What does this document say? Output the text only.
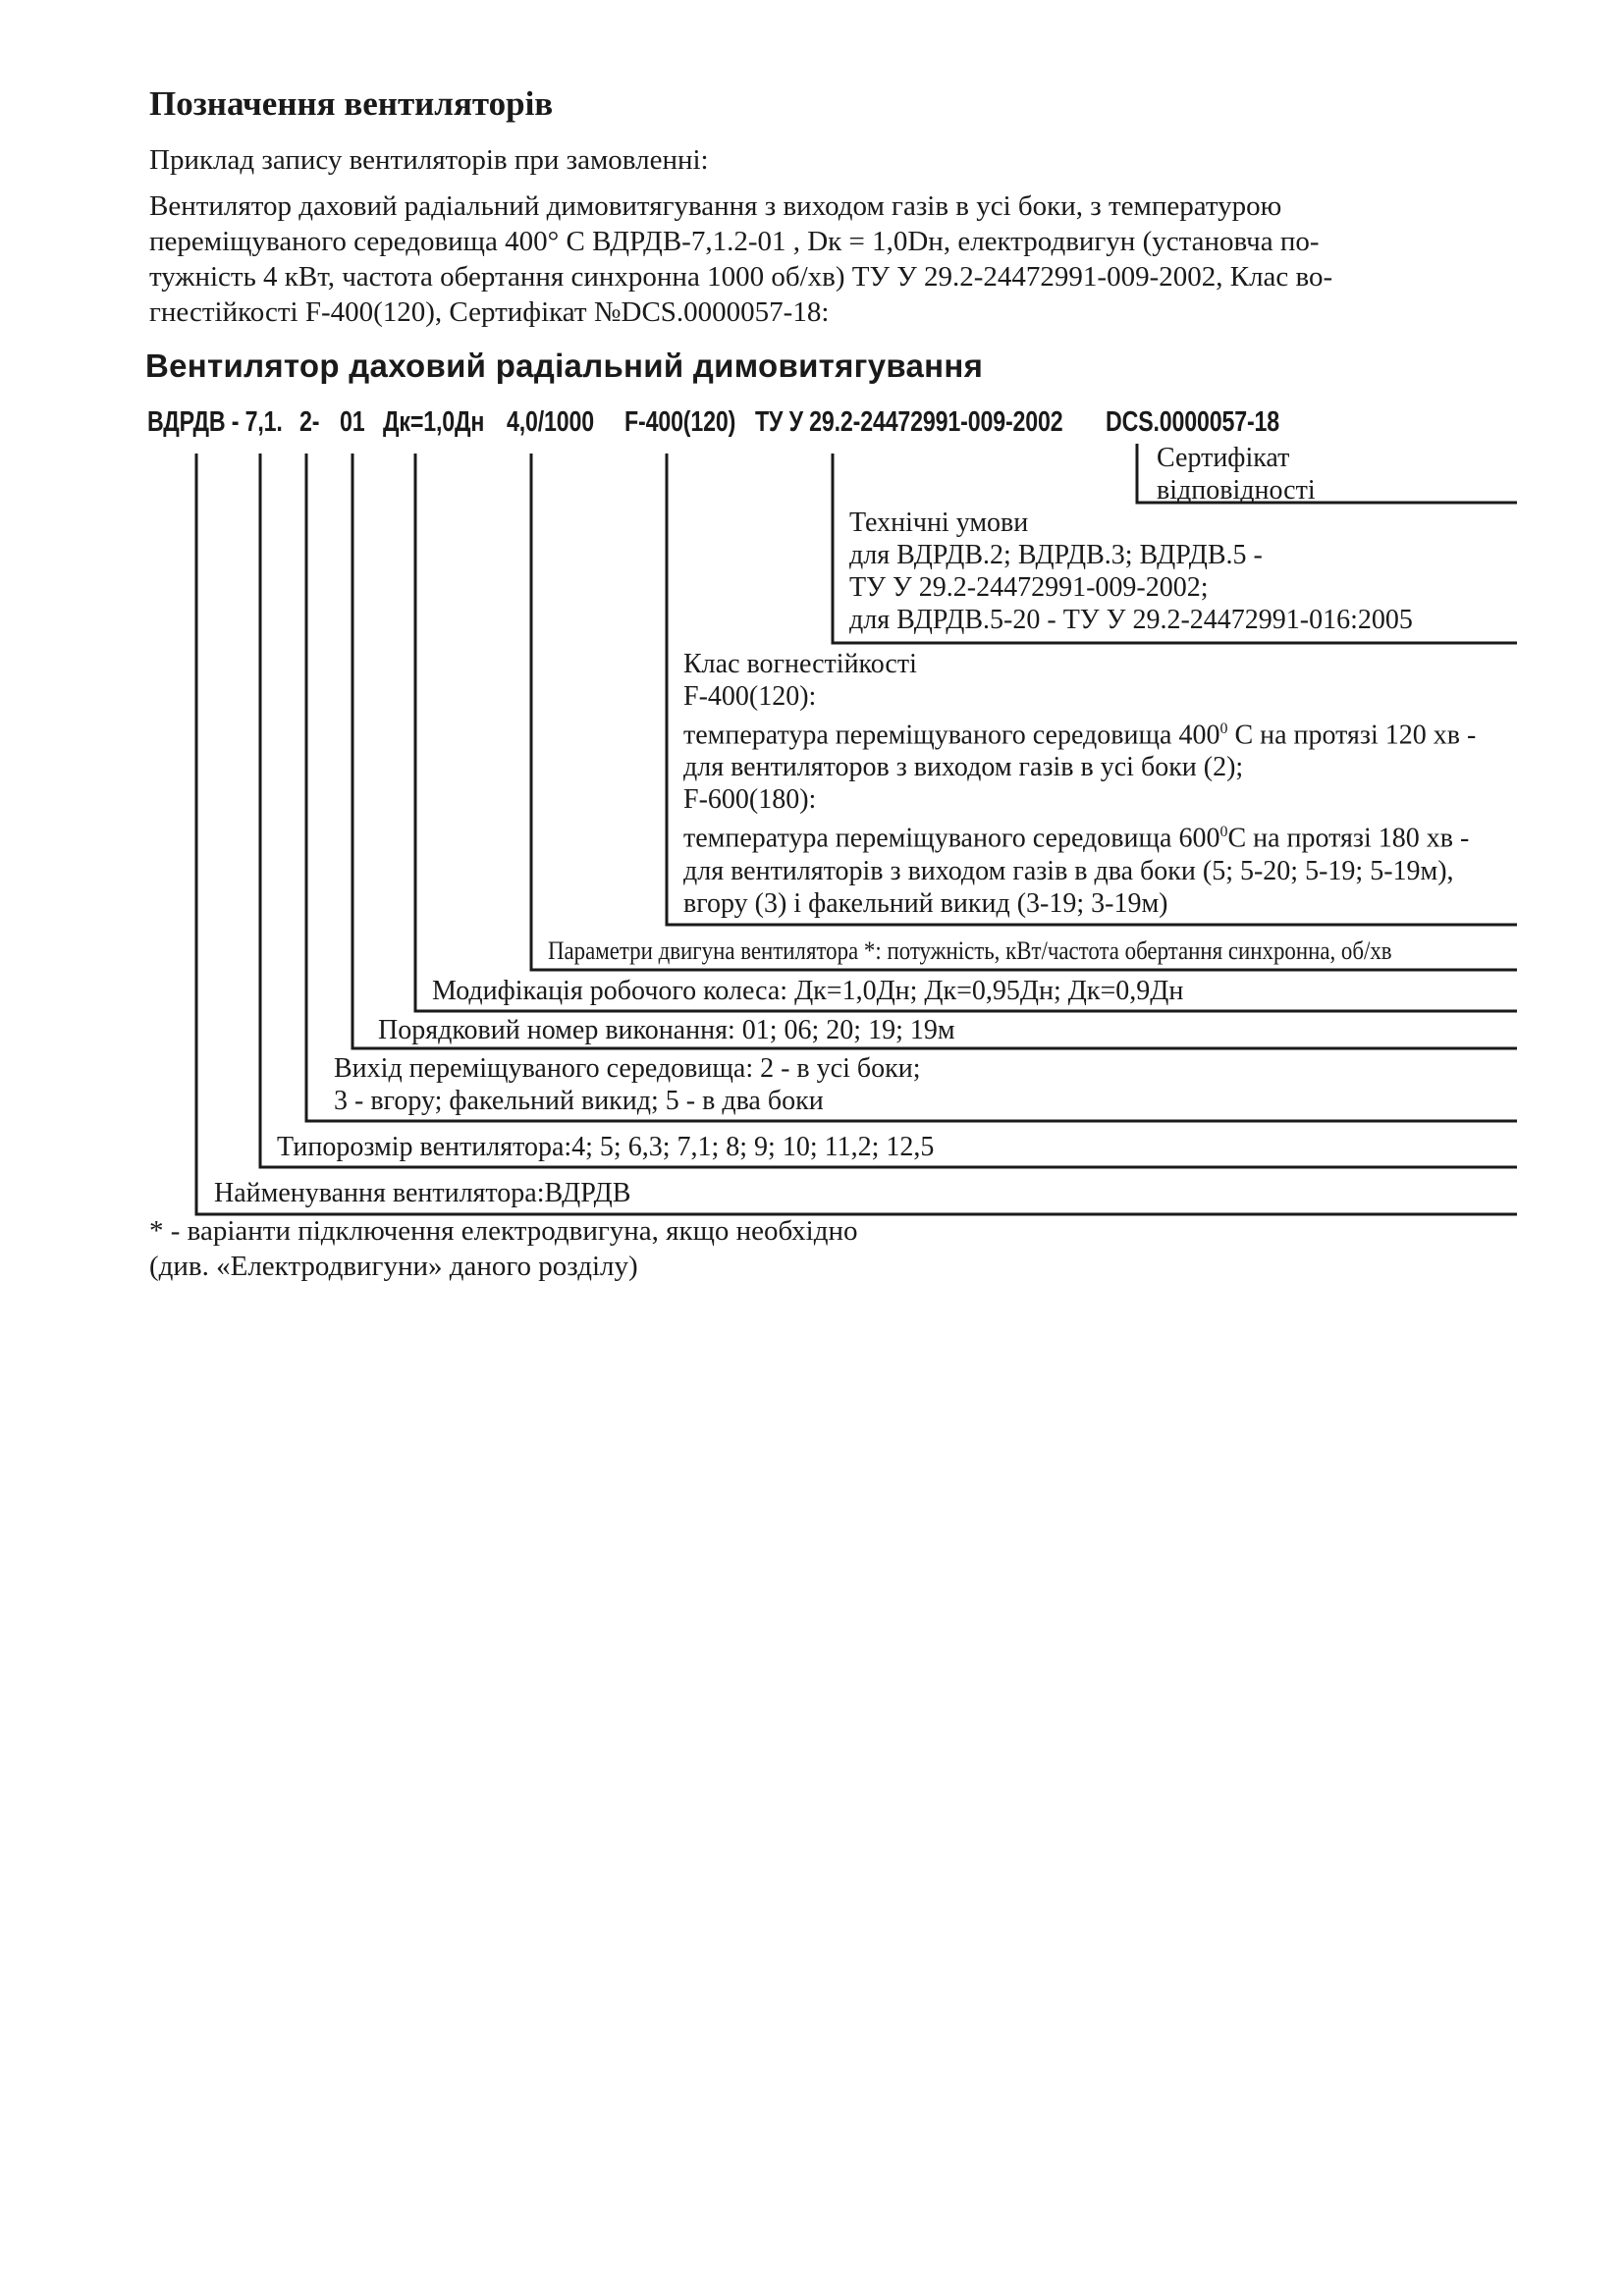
Позначення вентиляторів
Приклад запису вентиляторів при замовленні:
Вентилятор даховий радіальний димовитягування з виходом газів в усі боки, з температурою
переміщуваного середовища 400° С ВДРДВ-7,1.2-01 , Dк = 1,0Dн, електродвигун (установча по-
тужність 4 кВт, частота обертання синхронна 1000 об/хв) ТУ У 29.2-24472991-009-2002, Клас во-
гнестійкості F-400(120), Сертифікат №DCS.0000057-18:
Вентилятор даховий радіальний димовитягування
ВДРДВ - 7,1. 2- 01 Дк=1,0Дн 4,0/1000 F-400(120) ТУ У 29.2-24472991-009-2002 DCS.0000057-18
Сертифікат
відповідності
Технічні умови
для ВДРДВ.2; ВДРДВ.3; ВДРДВ.5 -
ТУ У 29.2-24472991-009-2002;
для ВДРДВ.5-20 - ТУ У 29.2-24472991-016:2005
Клас вогнестійкості
F-400(120):
температура переміщуваного середовища $400^0$ С на протязі 120 хв -
для вентиляторов з виходом газів в усі боки (2);
F-600(180):
температура переміщуваного середовища $600^0С$ на протязі 180 хв -
для вентиляторів з виходом газів в два боки (5; 5-20; 5-19; 5-19м),
вгору (3) і факельний викид (3-19; 3-19м)
Параметри двигуна вентилятора *: потужність, кВт/частота обертання синхронна, об/хв
Модифікація робочого колеса: Дк=1,0Дн; Дк=0,95Дн; Дк=0,9Дн
Порядковий номер виконання: 01; 06; 20; 19; 19м
Вихід переміщуваного середовища: 2 - в усі боки;
3 - вгору; факельний викид; 5 - в два боки
Типорозмір вентилятора:4; 5; 6,3; 7,1; 8; 9; 10; 11,2; 12,5
Найменування вентилятора:ВДРДВ
* - варіанти підключення електродвигуна, якщо необхідно
(див. «Електродвигуни» даного розділу)
